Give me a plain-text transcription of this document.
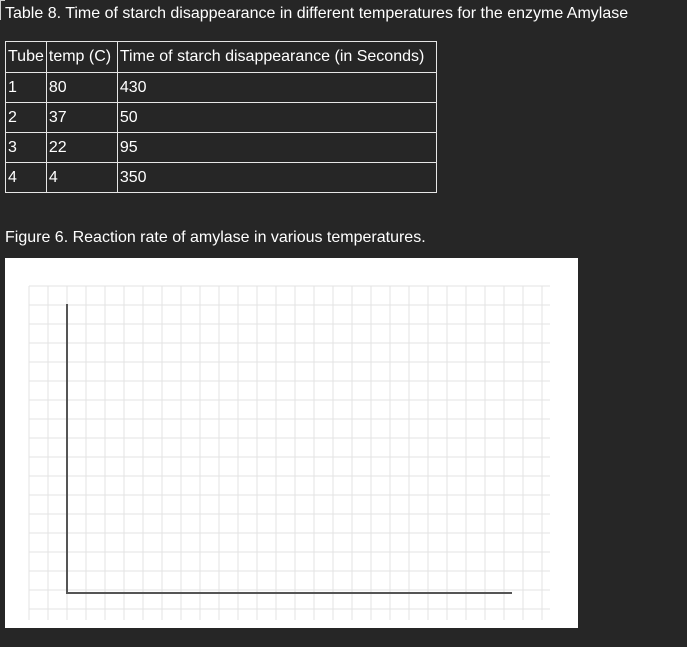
Table 8. Time of starch disappearance in different temperatures for the enzyme Amylase
Tube	temp (C)	Time of starch disappearance (in Seconds)
1	80	430
2	37	50
3	22	95
4	4	350
Figure 6. Reaction rate of amylase in various temperatures.
